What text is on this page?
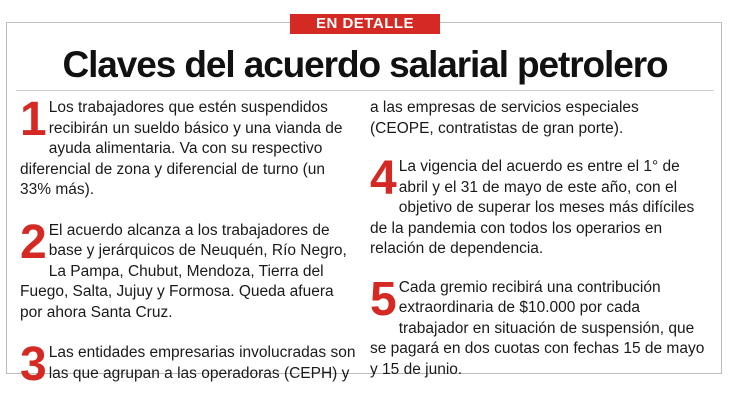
EN DETALLE
Claves del acuerdo salarial petrolero
1 Los trabajadores que estén suspendidos recibirán un sueldo básico y una vianda de ayuda alimentaria. Va con su respectivo diferencial de zona y diferencial de turno (un 33% más).
2 El acuerdo alcanza a los trabajadores de base y jerárquicos de Neuquén, Río Negro, La Pampa, Chubut, Mendoza, Tierra del Fuego, Salta, Jujuy y Formosa. Queda afuera por ahora Santa Cruz.
3 Las entidades empresarias involucradas son las que agrupan a las operadoras (CEPH) y
a las empresas de servicios especiales (CEOPE, contratistas de gran porte).
4 La vigencia del acuerdo es entre el 1° de abril y el 31 de mayo de este año, con el objetivo de superar los meses más difíciles de la pandemia con todos los operarios en relación de dependencia.
5 Cada gremio recibirá una contribución extraordinaria de $10.000 por cada trabajador en situación de suspensión, que se pagará en dos cuotas con fechas 15 de mayo y 15 de junio.
